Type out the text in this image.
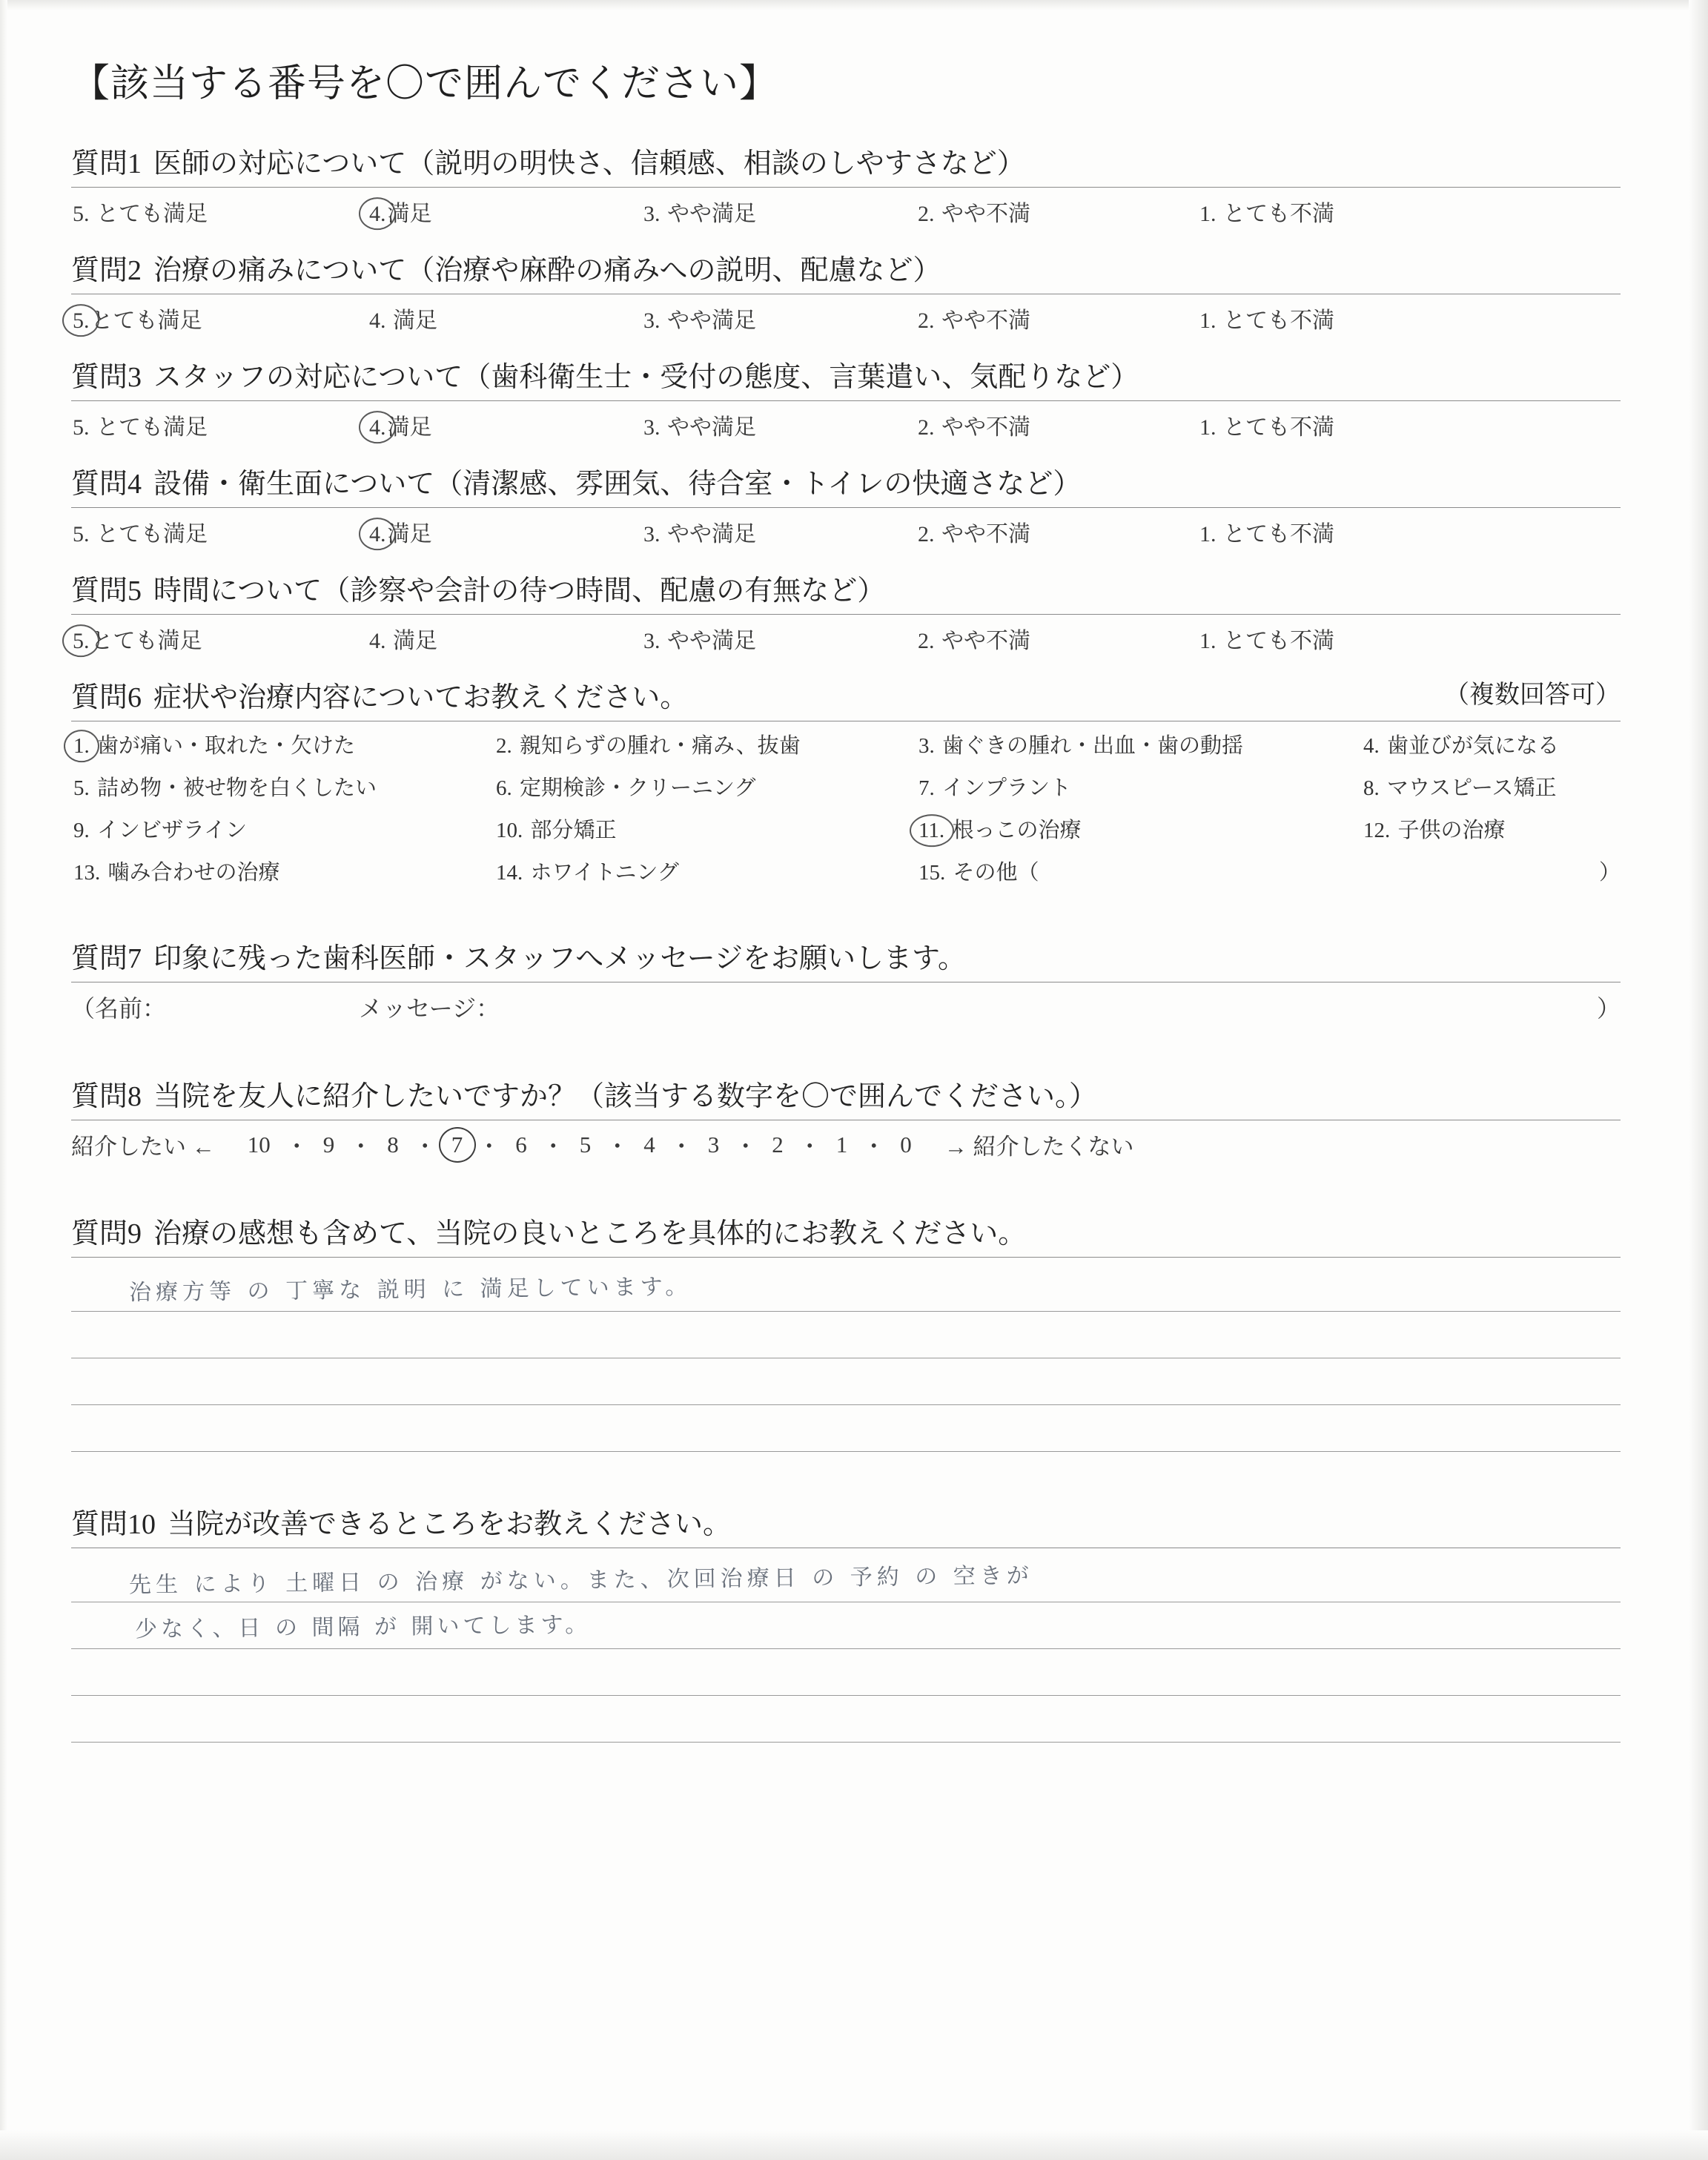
【該当する番号を〇で囲んでください】
質問1 医師の対応について（説明の明快さ、信頼感、相談のしやすさなど）
5. とても満足	4.満足	3. やや満足	2. やや不満	1. とても不満
質問2 治療の痛みについて（治療や麻酔の痛みへの説明、配慮など）
5.とても満足	4. 満足	3. やや満足	2. やや不満	1. とても不満
質問3 スタッフの対応について（歯科衛生士・受付の態度、言葉遣い、気配りなど）
5. とても満足	4.満足	3. やや満足	2. やや不満	1. とても不満
質問4 設備・衛生面について（清潔感、雰囲気、待合室・トイレの快適さなど）
5. とても満足	4.満足	3. やや満足	2. やや不満	1. とても不満
質問5 時間について（診察や会計の待つ時間、配慮の有無など）
5.とても満足	4. 満足	3. やや満足	2. やや不満	1. とても不満
（複数回答可）
質問6 症状や治療内容についてお教えください。
1. 歯が痛い・取れた・欠けた	2. 親知らずの腫れ・痛み、抜歯	3. 歯ぐきの腫れ・出血・歯の動揺	4. 歯並びが気になる
5. 詰め物・被せ物を白くしたい	6. 定期検診・クリーニング	7. インプラント	8. マウスピース矯正
9. インビザライン	10. 部分矯正	11. 根っこの治療	12. 子供の治療
13. 噛み合わせの治療	14. ホワイトニング	15. その他（	）
質問7 印象に残った歯科医師・スタッフへメッセージをお願いします。
（名前：	メッセージ：	）
質問8 当院を友人に紹介したいですか？（該当する数字を〇で囲んでください。）
紹介したい ← 10 ・ 9 ・ 8 ・ 7 ・ 6 ・ 5 ・ 4 ・ 3 ・ 2 ・ 1 ・ 0 → 紹介したくない
質問9 治療の感想も含めて、当院の良いところを具体的にお教えください。
治療方等 の 丁寧な 説明 に 満足しています。
質問10 当院が改善できるところをお教えください。
先生 により 土曜日 の 治療 がない。また、次回治療日 の 予約 の 空きが
少なく、日 の 間隔 が 開いてします。
